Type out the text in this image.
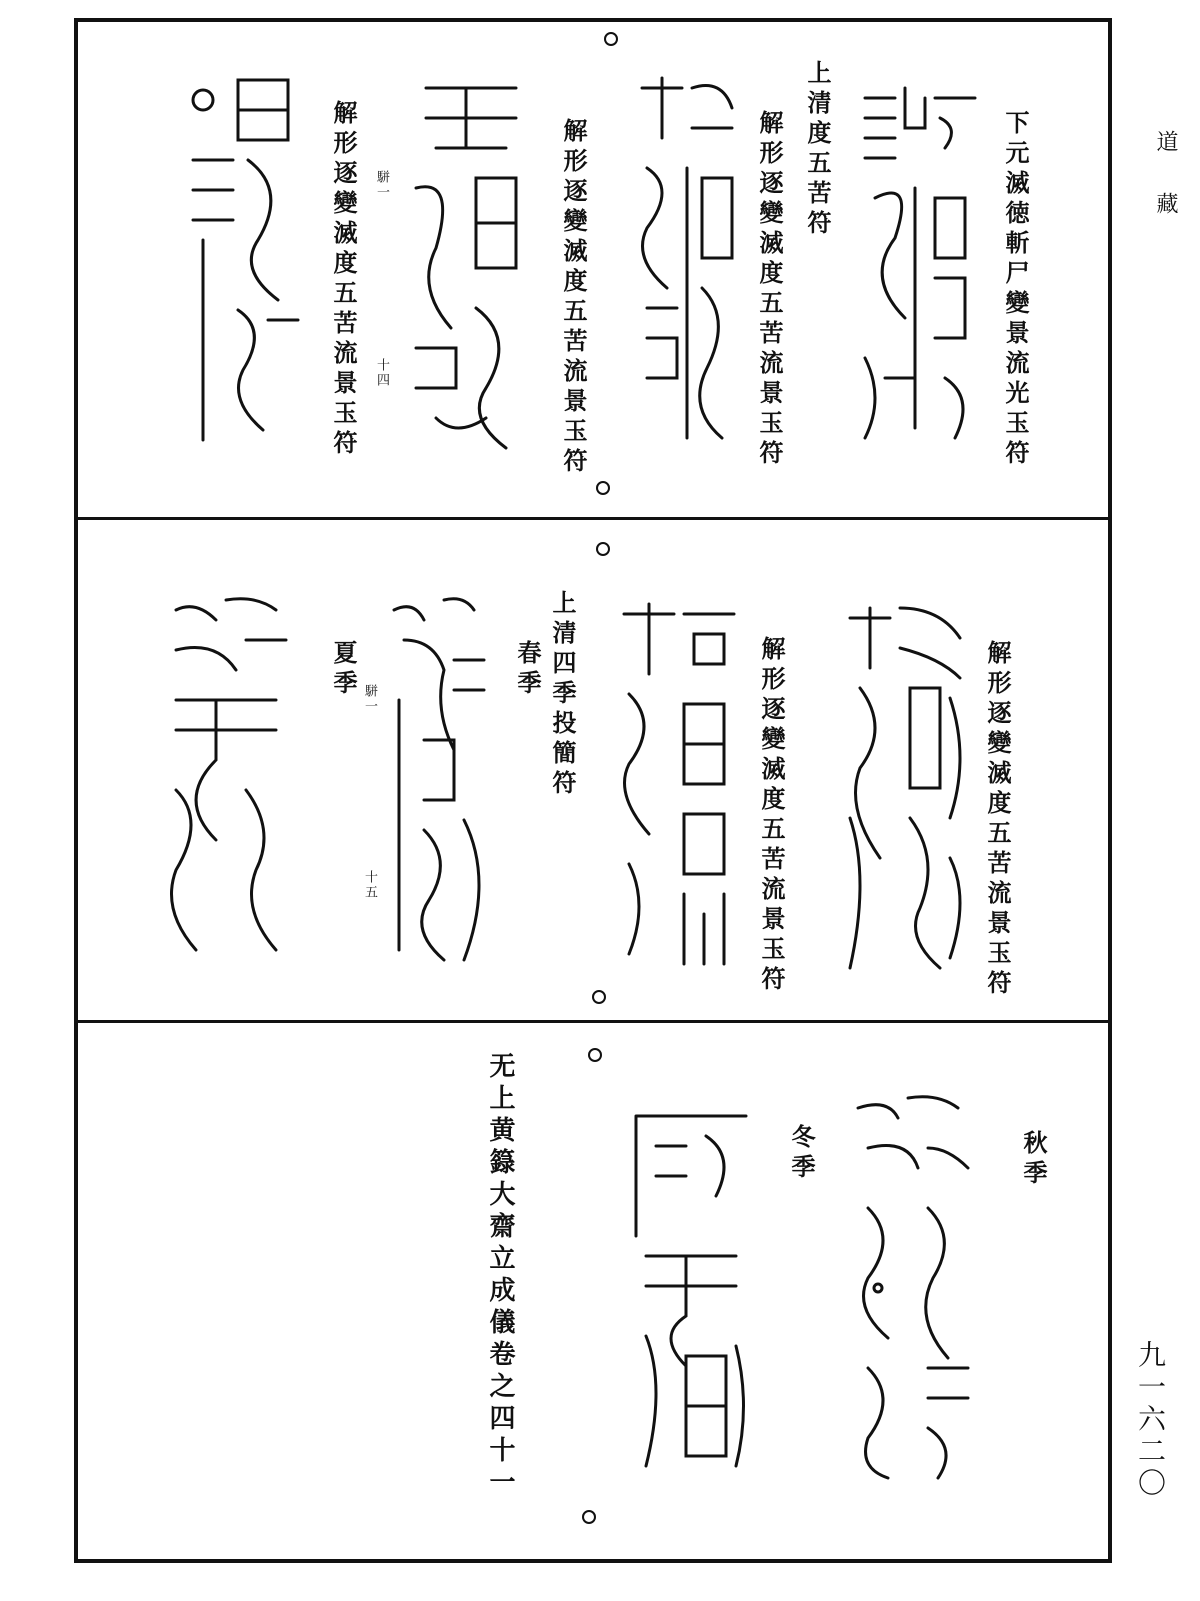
道藏
九一六二〇
下元滅徳斬尸變景流光玉符
上清度五苦符
解形逐變滅度五苦流景玉符
解形逐變滅度五苦流景玉符
解形逐變滅度五苦流景玉符 駢一
十四
解形逐變滅度五苦流景玉符
解形逐變滅度五苦流景玉符
上清四季投簡符
春季
夏季 駢一
十五
秋季
冬季
无上黄籙大齋立成儀卷之四十一
